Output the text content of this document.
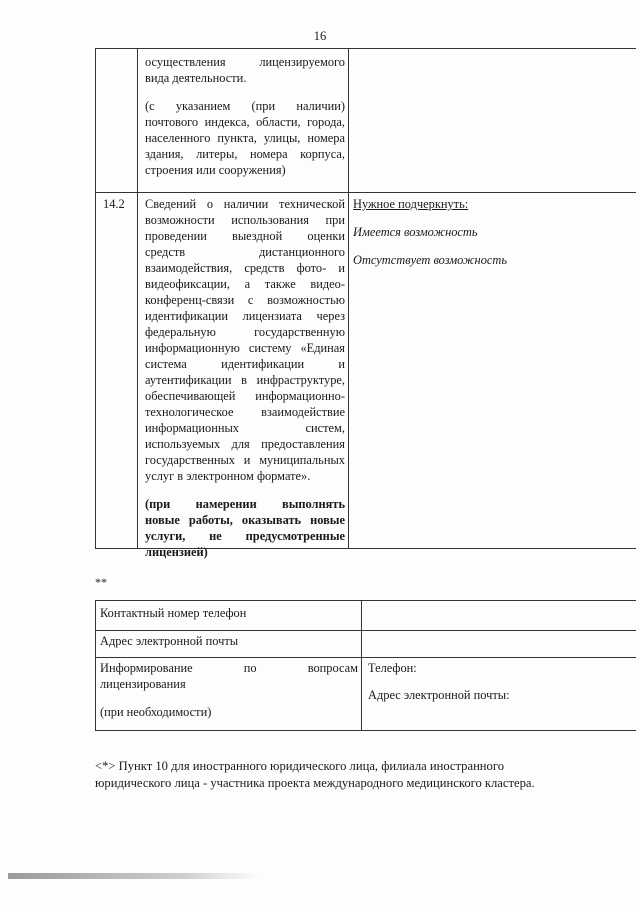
16
осуществления лицензируемого
вида деятельности.
(с указанием (при наличии)
почтового индекса, области, города,
населенного пункта, улицы, номера
здания, литеры, номера корпуса,
строения или сооружения)
14.2 Сведений о наличии технической
возможности использования при
проведении выездной оценки
средств дистанционного
взаимодействия, средств фото- и
видеофиксации, а также видео-
конференц-связи с возможностью
идентификации лицензиата через
федеральную государственную
информационную систему «Единая
система идентификации и
аутентификации в инфраструктуре,
обеспечивающей информационно-
технологическое взаимодействие
информационных систем,
используемых для предоставления
государственных и муниципальных
услуг в электронном формате».
(при намерении выполнять
новые работы, оказывать новые
услуги, не предусмотренные
лицензией)
Нужное подчеркнуть:
Имеется возможность
Отсутствует возможность
**
Контактный номер телефон
Адрес электронной почты
Информирование по вопросам
лицензирования
(при необходимости)
Телефон:
Адрес электронной почты:
<*> Пункт 10 для иностранного юридического лица, филиала иностранного
юридического лица - участника проекта международного медицинского кластера.
